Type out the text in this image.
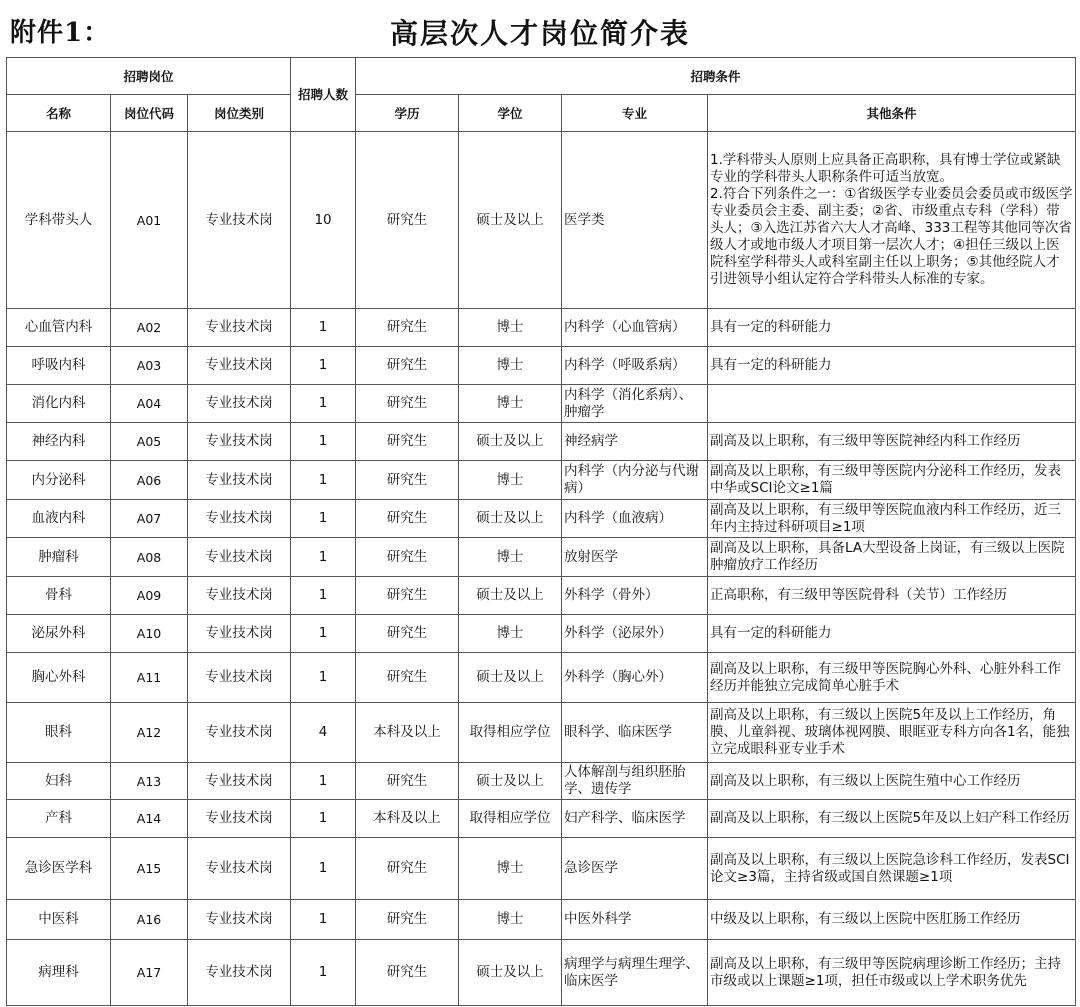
附件1：	高层次人才岗位简介表
招聘岗位			招聘人数	招聘条件			
名称	岗位代码	岗位类别		学历	学位	专业	其他条件
学科带头人	A01	专业技术岗	10	研究生	硕士及以上	医学类	1.学科带头人原则上应具备正高职称，具有博士学位或紧缺专业的学科带头人职称条件可适当放宽。
2.符合下列条件之一：①省级医学专业委员会委员或市级医学专业委员会主委、副主委；②省、市级重点专科（学科）带头人；③入选江苏省六大人才高峰、333工程等其他同等次省级人才或地市级人才项目第一层次人才；④担任三级以上医院科室学科带头人或科室副主任以上职务；⑤其他经院人才引进领导小组认定符合学科带头人标准的专家。
心血管内科	A02	专业技术岗	1	研究生	博士	内科学（心血管病）	具有一定的科研能力
呼吸内科	A03	专业技术岗	1	研究生	博士	内科学（呼吸系病）	具有一定的科研能力
消化内科	A04	专业技术岗	1	研究生	博士	内科学（消化系病）、肿瘤学	
神经内科	A05	专业技术岗	1	研究生	硕士及以上	神经病学	副高及以上职称，有三级甲等医院神经内科工作经历
内分泌科	A06	专业技术岗	1	研究生	博士	内科学（内分泌与代谢病）	副高及以上职称，有三级甲等医院内分泌科工作经历，发表中华或SCI论文≥1篇
血液内科	A07	专业技术岗	1	研究生	硕士及以上	内科学（血液病）	副高及以上职称，有三级甲等医院血液内科工作经历，近三年内主持过科研项目≥1项
肿瘤科	A08	专业技术岗	1	研究生	博士	放射医学	副高及以上职称，具备LA大型设备上岗证，有三级以上医院肿瘤放疗工作经历
骨科	A09	专业技术岗	1	研究生	硕士及以上	外科学（骨外）	正高职称，有三级甲等医院骨科（关节）工作经历
泌尿外科	A10	专业技术岗	1	研究生	博士	外科学（泌尿外）	具有一定的科研能力
胸心外科	A11	专业技术岗	1	研究生	硕士及以上	外科学（胸心外）	副高及以上职称，有三级甲等医院胸心外科、心脏外科工作经历并能独立完成简单心脏手术
眼科	A12	专业技术岗	4	本科及以上	取得相应学位	眼科学、临床医学	副高及以上职称，有三级以上医院5年及以上工作经历，角膜、儿童斜视、玻璃体视网膜、眼眶亚专科方向各1名，能独立完成眼科亚专业手术
妇科	A13	专业技术岗	1	研究生	硕士及以上	人体解剖与组织胚胎学、遗传学	副高及以上职称，有三级以上医院生殖中心工作经历
产科	A14	专业技术岗	1	本科及以上	取得相应学位	妇产科学、临床医学	副高及以上职称，有三级以上医院5年及以上妇产科工作经历
急诊医学科	A15	专业技术岗	1	研究生	博士	急诊医学	副高及以上职称，有三级以上医院急诊科工作经历，发表SCI论文≥3篇，主持省级或国自然课题≥1项
中医科	A16	专业技术岗	1	研究生	博士	中医外科学	中级及以上职称，有三级以上医院中医肛肠工作经历
病理科	A17	专业技术岗	1	研究生	硕士及以上	病理学与病理生理学、临床医学	副高及以上职称，有三级甲等医院病理诊断工作经历；主持市级或以上课题≥1项，担任市级或以上学术职务优先
